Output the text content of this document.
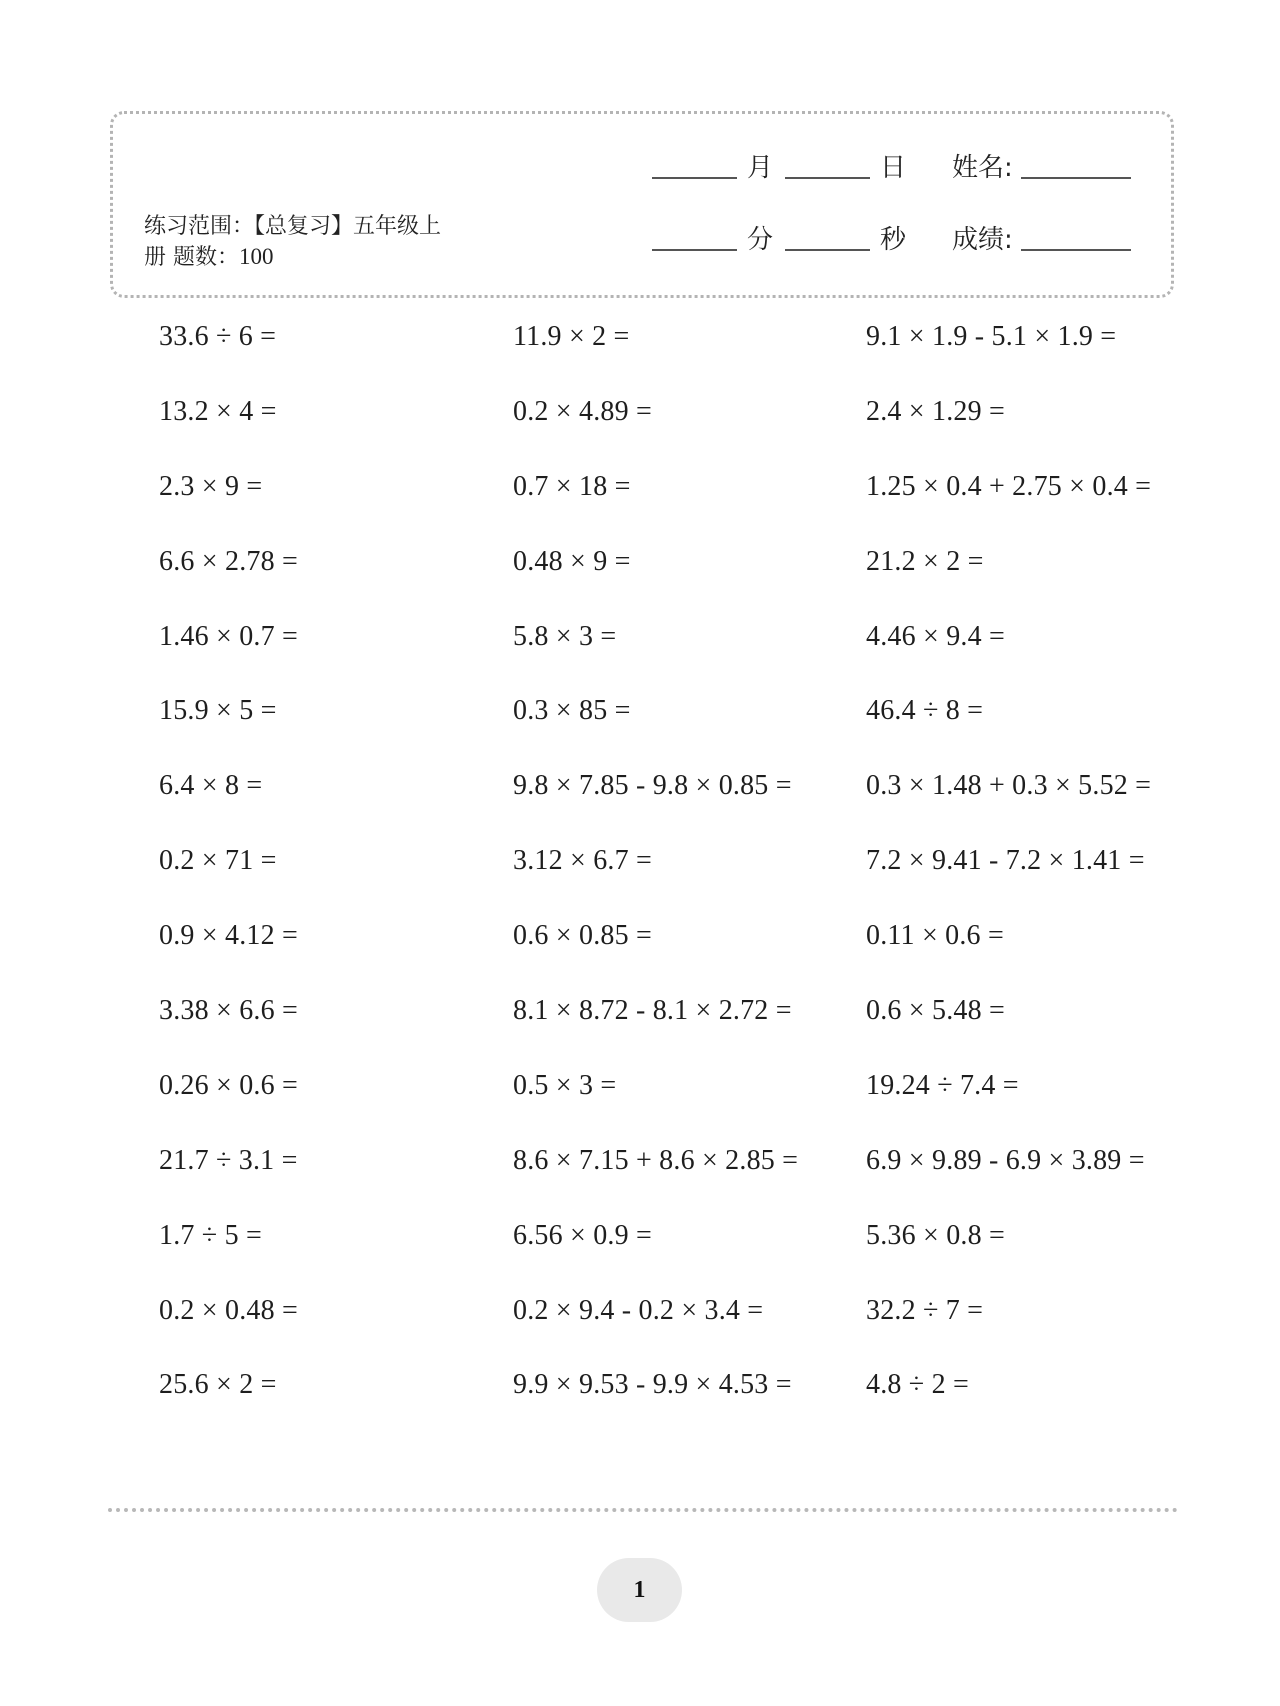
练习范围：【总复习】五年级上
册 题数：100
月	日 姓名:
分	秒 成绩:
33.6 ÷ 6 =	11.9 × 2 =	9.1 × 1.9 - 5.1 × 1.9 =
13.2 × 4 =	0.2 × 4.89 =	2.4 × 1.29 =
2.3 × 9 =	0.7 × 18 =	1.25 × 0.4 + 2.75 × 0.4 =
6.6 × 2.78 =	0.48 × 9 =	21.2 × 2 =
1.46 × 0.7 =	5.8 × 3 =	4.46 × 9.4 =
15.9 × 5 =	0.3 × 85 =	46.4 ÷ 8 =
6.4 × 8 =	9.8 × 7.85 - 9.8 × 0.85 =	0.3 × 1.48 + 0.3 × 5.52 =
0.2 × 71 =	3.12 × 6.7 =	7.2 × 9.41 - 7.2 × 1.41 =
0.9 × 4.12 =	0.6 × 0.85 =	0.11 × 0.6 =
3.38 × 6.6 =	8.1 × 8.72 - 8.1 × 2.72 =	0.6 × 5.48 =
0.26 × 0.6 =	0.5 × 3 =	19.24 ÷ 7.4 =
21.7 ÷ 3.1 =	8.6 × 7.15 + 8.6 × 2.85 = 6.9 × 9.89 - 6.9 × 3.89 =
1.7 ÷ 5 =	6.56 × 0.9 =	5.36 × 0.8 =
0.2 × 0.48 =	0.2 × 9.4 - 0.2 × 3.4 =	32.2 ÷ 7 =
25.6 × 2 =	9.9 × 9.53 - 9.9 × 4.53 =	4.8 ÷ 2 =
1
